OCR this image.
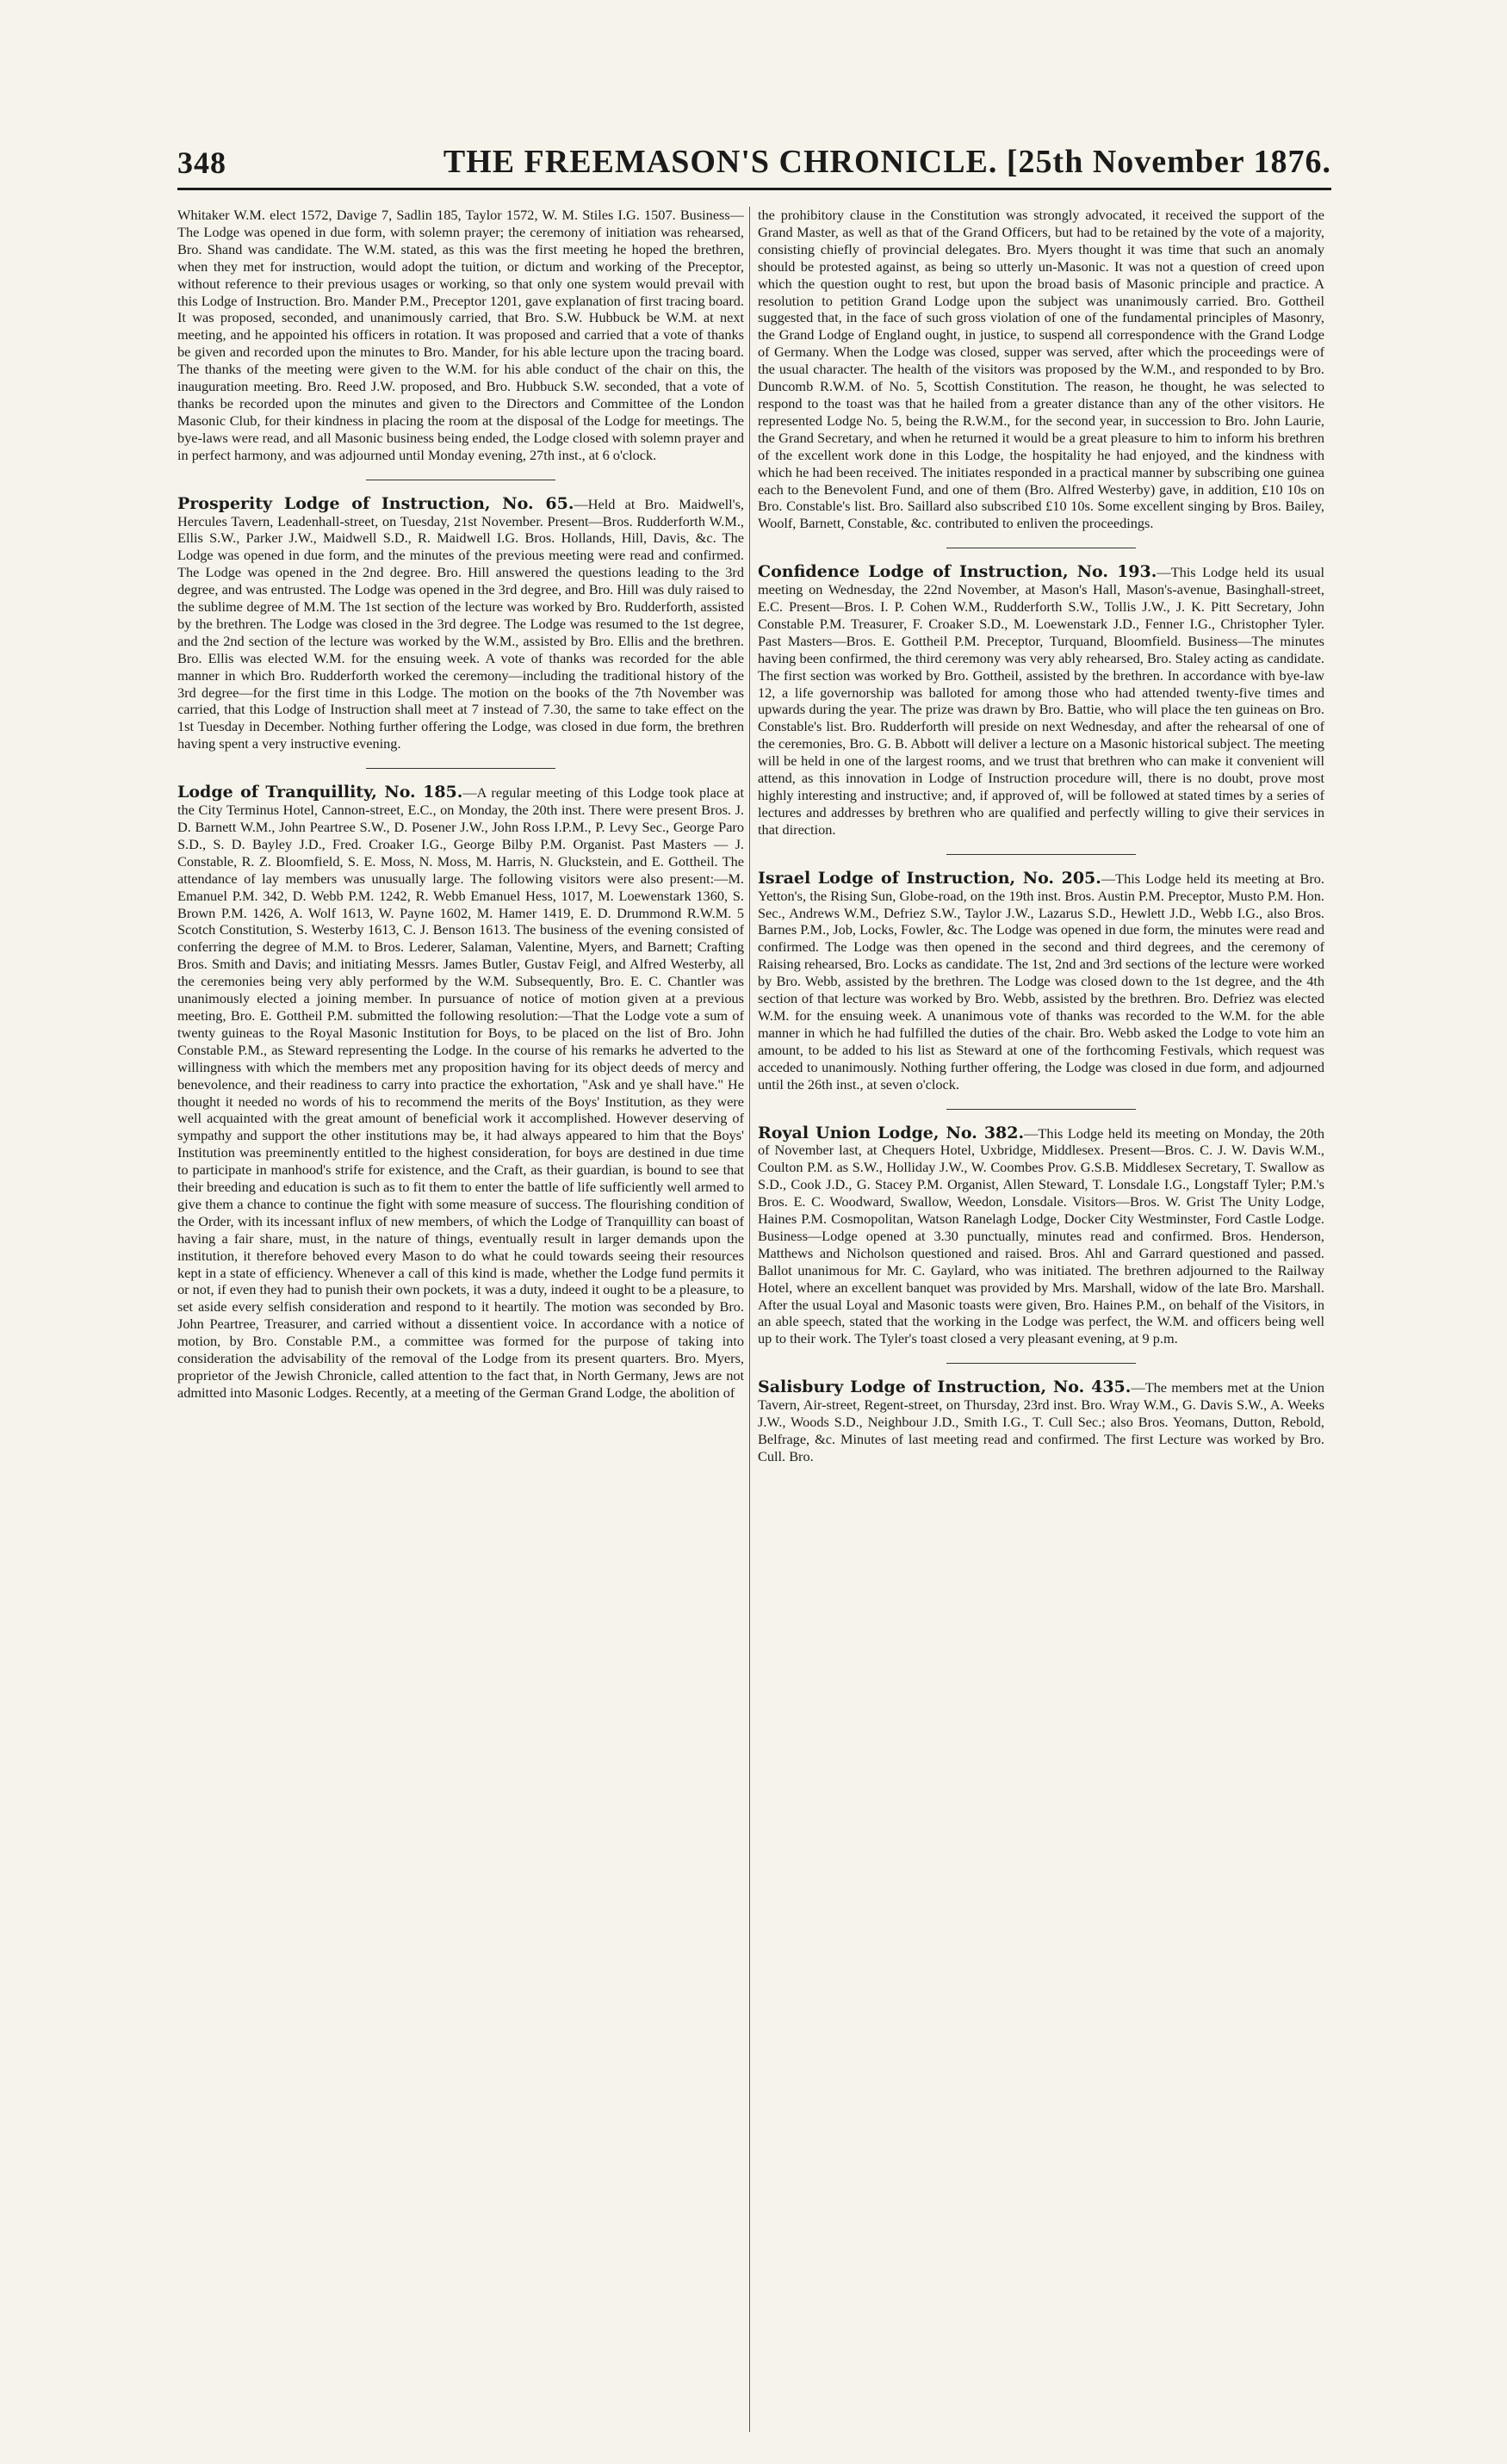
348	THE FREEMASON'S CHRONICLE. [25th November 1876.

Whitaker W.M. elect 1572, Davige 7, Sadlin 185, Taylor 1572, W. M. Stiles I.G. 1507. Business—The Lodge was opened in due form, with solemn prayer; the ceremony of initiation was rehearsed, Bro. Shand was candidate. The W.M. stated, as this was the first meeting he hoped the brethren, when they met for instruction, would adopt the tuition, or dictum and working of the Preceptor, without reference to their previous usages or working, so that only one system would prevail with this Lodge of Instruction. Bro. Mander P.M., Preceptor 1201, gave explanation of first tracing board. It was proposed, seconded, and unanimously carried, that Bro. S.W. Hubbuck be W.M. at next meeting, and he appointed his officers in rotation. It was proposed and carried that a vote of thanks be given and recorded upon the minutes to Bro. Mander, for his able lecture upon the tracing board. The thanks of the meeting were given to the W.M. for his able conduct of the chair on this, the inauguration meeting. Bro. Reed J.W. proposed, and Bro. Hubbuck S.W. seconded, that a vote of thanks be recorded upon the minutes and given to the Directors and Committee of the London Masonic Club, for their kindness in placing the room at the disposal of the Lodge for meetings. The bye-laws were read, and all Masonic business being ended, the Lodge closed with solemn prayer and in perfect harmony, and was adjourned until Monday evening, 27th inst., at 6 o'clock.

Prosperity Lodge of Instruction, No. 65.—Held at Bro. Maidwell's, Hercules Tavern, Leadenhall-street, on Tuesday, 21st November. Present—Bros. Rudderforth W.M., Ellis S.W., Parker J.W., Maidwell S.D., R. Maidwell I.G. Bros. Hollands, Hill, Davis, &c. The Lodge was opened in due form, and the minutes of the previous meeting were read and confirmed. The Lodge was opened in the 2nd degree. Bro. Hill answered the questions leading to the 3rd degree, and was entrusted. The Lodge was opened in the 3rd degree, and Bro. Hill was duly raised to the sublime degree of M.M. The 1st section of the lecture was worked by Bro. Rudderforth, assisted by the brethren. The Lodge was closed in the 3rd degree. The Lodge was resumed to the 1st degree, and the 2nd section of the lecture was worked by the W.M., assisted by Bro. Ellis and the brethren. Bro. Ellis was elected W.M. for the ensuing week. A vote of thanks was recorded for the able manner in which Bro. Rudderforth worked the ceremony—including the traditional history of the 3rd degree—for the first time in this Lodge. The motion on the books of the 7th November was carried, that this Lodge of Instruction shall meet at 7 instead of 7.30, the same to take effect on the 1st Tuesday in December. Nothing further offering the Lodge, was closed in due form, the brethren having spent a very instructive evening.

Lodge of Tranquillity, No. 185.—A regular meeting of this Lodge took place at the City Terminus Hotel, Cannon-street, E.C., on Monday, the 20th inst. There were present Bros. J. D. Barnett W.M., John Peartree S.W., D. Posener J.W., John Ross I.P.M., P. Levy Sec., George Paro S.D., S. D. Bayley J.D., Fred. Croaker I.G., George Bilby P.M. Organist. Past Masters — J. Constable, R. Z. Bloomfield, S. E. Moss, N. Moss, M. Harris, N. Gluckstein, and E. Gottheil. The attendance of lay members was unusually large. The following visitors were also present:—M. Emanuel P.M. 342, D. Webb P.M. 1242, R. Webb Emanuel Hess, 1017, M. Loewenstark 1360, S. Brown P.M. 1426, A. Wolf 1613, W. Payne 1602, M. Hamer 1419, E. D. Drummond R.W.M. 5 Scotch Constitution, S. Westerby 1613, C. J. Benson 1613. The business of the evening consisted of conferring the degree of M.M. to Bros. Lederer, Salaman, Valentine, Myers, and Barnett; Crafting Bros. Smith and Davis; and initiating Messrs. James Butler, Gustav Feigl, and Alfred Westerby, all the ceremonies being very ably performed by the W.M. Subsequently, Bro. E. C. Chantler was unanimously elected a joining member. In pursuance of notice of motion given at a previous meeting, Bro. E. Gottheil P.M. submitted the following resolution:—That the Lodge vote a sum of twenty guineas to the Royal Masonic Institution for Boys, to be placed on the list of Bro. John Constable P.M., as Steward representing the Lodge. In the course of his remarks he adverted to the willingness with which the members met any proposition having for its object deeds of mercy and benevolence, and their readiness to carry into practice the exhortation, "Ask and ye shall have." He thought it needed no words of his to recommend the merits of the Boys' Institution, as they were well acquainted with the great amount of beneficial work it accomplished. However deserving of sympathy and support the other institutions may be, it had always appeared to him that the Boys' Institution was preeminently entitled to the highest consideration, for boys are destined in due time to participate in manhood's strife for existence, and the Craft, as their guardian, is bound to see that their breeding and education is such as to fit them to enter the battle of life sufficiently well armed to give them a chance to continue the fight with some measure of success. The flourishing condition of the Order, with its incessant influx of new members, of which the Lodge of Tranquillity can boast of having a fair share, must, in the nature of things, eventually result in larger demands upon the institution, it therefore behoved every Mason to do what he could towards seeing their resources kept in a state of efficiency. Whenever a call of this kind is made, whether the Lodge fund permits it or not, if even they had to punish their own pockets, it was a duty, indeed it ought to be a pleasure, to set aside every selfish consideration and respond to it heartily. The motion was seconded by Bro. John Peartree, Treasurer, and carried without a dissentient voice. In accordance with a notice of motion, by Bro. Constable P.M., a committee was formed for the purpose of taking into consideration the advisability of the removal of the Lodge from its present quarters. Bro. Myers, proprietor of the Jewish Chronicle, called attention to the fact that, in North Germany, Jews are not admitted into Masonic Lodges. Recently, at a meeting of the German Grand Lodge, the abolition of

the prohibitory clause in the Constitution was strongly advocated, it received the support of the Grand Master, as well as that of the Grand Officers, but had to be retained by the vote of a majority, consisting chiefly of provincial delegates. Bro. Myers thought it was time that such an anomaly should be protested against, as being so utterly un-Masonic. It was not a question of creed upon which the question ought to rest, but upon the broad basis of Masonic principle and practice. A resolution to petition Grand Lodge upon the subject was unanimously carried. Bro. Gottheil suggested that, in the face of such gross violation of one of the fundamental principles of Masonry, the Grand Lodge of England ought, in justice, to suspend all correspondence with the Grand Lodge of Germany. When the Lodge was closed, supper was served, after which the proceedings were of the usual character. The health of the visitors was proposed by the W.M., and responded to by Bro. Duncomb R.W.M. of No. 5, Scottish Constitution. The reason, he thought, he was selected to respond to the toast was that he hailed from a greater distance than any of the other visitors. He represented Lodge No. 5, being the R.W.M., for the second year, in succession to Bro. John Laurie, the Grand Secretary, and when he returned it would be a great pleasure to him to inform his brethren of the excellent work done in this Lodge, the hospitality he had enjoyed, and the kindness with which he had been received. The initiates responded in a practical manner by subscribing one guinea each to the Benevolent Fund, and one of them (Bro. Alfred Westerby) gave, in addition, £10 10s on Bro. Constable's list. Bro. Saillard also subscribed £10 10s. Some excellent singing by Bros. Bailey, Woolf, Barnett, Constable, &c. contributed to enliven the proceedings.

Confidence Lodge of Instruction, No. 193.—This Lodge held its usual meeting on Wednesday, the 22nd November, at Mason's Hall, Mason's-avenue, Basinghall-street, E.C. Present—Bros. I. P. Cohen W.M., Rudderforth S.W., Tollis J.W., J. K. Pitt Secretary, John Constable P.M. Treasurer, F. Croaker S.D., M. Loewenstark J.D., Fenner I.G., Christopher Tyler. Past Masters—Bros. E. Gottheil P.M. Preceptor, Turquand, Bloomfield. Business—The minutes having been confirmed, the third ceremony was very ably rehearsed, Bro. Staley acting as candidate. The first section was worked by Bro. Gottheil, assisted by the brethren. In accordance with bye-law 12, a life governorship was balloted for among those who had attended twenty-five times and upwards during the year. The prize was drawn by Bro. Battie, who will place the ten guineas on Bro. Constable's list. Bro. Rudderforth will preside on next Wednesday, and after the rehearsal of one of the ceremonies, Bro. G. B. Abbott will deliver a lecture on a Masonic historical subject. The meeting will be held in one of the largest rooms, and we trust that brethren who can make it convenient will attend, as this innovation in Lodge of Instruction procedure will, there is no doubt, prove most highly interesting and instructive; and, if approved of, will be followed at stated times by a series of lectures and addresses by brethren who are qualified and perfectly willing to give their services in that direction.

Israel Lodge of Instruction, No. 205.—This Lodge held its meeting at Bro. Yetton's, the Rising Sun, Globe-road, on the 19th inst. Bros. Austin P.M. Preceptor, Musto P.M. Hon. Sec., Andrews W.M., Defriez S.W., Taylor J.W., Lazarus S.D., Hewlett J.D., Webb I.G., also Bros. Barnes P.M., Job, Locks, Fowler, &c. The Lodge was opened in due form, the minutes were read and confirmed. The Lodge was then opened in the second and third degrees, and the ceremony of Raising rehearsed, Bro. Locks as candidate. The 1st, 2nd and 3rd sections of the lecture were worked by Bro. Webb, assisted by the brethren. The Lodge was closed down to the 1st degree, and the 4th section of that lecture was worked by Bro. Webb, assisted by the brethren. Bro. Defriez was elected W.M. for the ensuing week. A unanimous vote of thanks was recorded to the W.M. for the able manner in which he had fulfilled the duties of the chair. Bro. Webb asked the Lodge to vote him an amount, to be added to his list as Steward at one of the forthcoming Festivals, which request was acceded to unanimously. Nothing further offering, the Lodge was closed in due form, and adjourned until the 26th inst., at seven o'clock.

Royal Union Lodge, No. 382.—This Lodge held its meeting on Monday, the 20th of November last, at Chequers Hotel, Uxbridge, Middlesex. Present—Bros. C. J. W. Davis W.M., Coulton P.M. as S.W., Holliday J.W., W. Coombes Prov. G.S.B. Middlesex Secretary, T. Swallow as S.D., Cook J.D., G. Stacey P.M. Organist, Allen Steward, T. Lonsdale I.G., Longstaff Tyler; P.M.'s Bros. E. C. Woodward, Swallow, Weedon, Lonsdale. Visitors—Bros. W. Grist The Unity Lodge, Haines P.M. Cosmopolitan, Watson Ranelagh Lodge, Docker City Westminster, Ford Castle Lodge. Business—Lodge opened at 3.30 punctually, minutes read and confirmed. Bros. Henderson, Matthews and Nicholson questioned and raised. Bros. Ahl and Garrard questioned and passed. Ballot unanimous for Mr. C. Gaylard, who was initiated. The brethren adjourned to the Railway Hotel, where an excellent banquet was provided by Mrs. Marshall, widow of the late Bro. Marshall. After the usual Loyal and Masonic toasts were given, Bro. Haines P.M., on behalf of the Visitors, in an able speech, stated that the working in the Lodge was perfect, the W.M. and officers being well up to their work. The Tyler's toast closed a very pleasant evening, at 9 p.m.

Salisbury Lodge of Instruction, No. 435.—The members met at the Union Tavern, Air-street, Regent-street, on Thursday, 23rd inst. Bro. Wray W.M., G. Davis S.W., A. Weeks J.W., Woods S.D., Neighbour J.D., Smith I.G., T. Cull Sec.; also Bros. Yeomans, Dutton, Rebold, Belfrage, &c. Minutes of last meeting read and confirmed. The first Lecture was worked by Bro. Cull. Bro.
